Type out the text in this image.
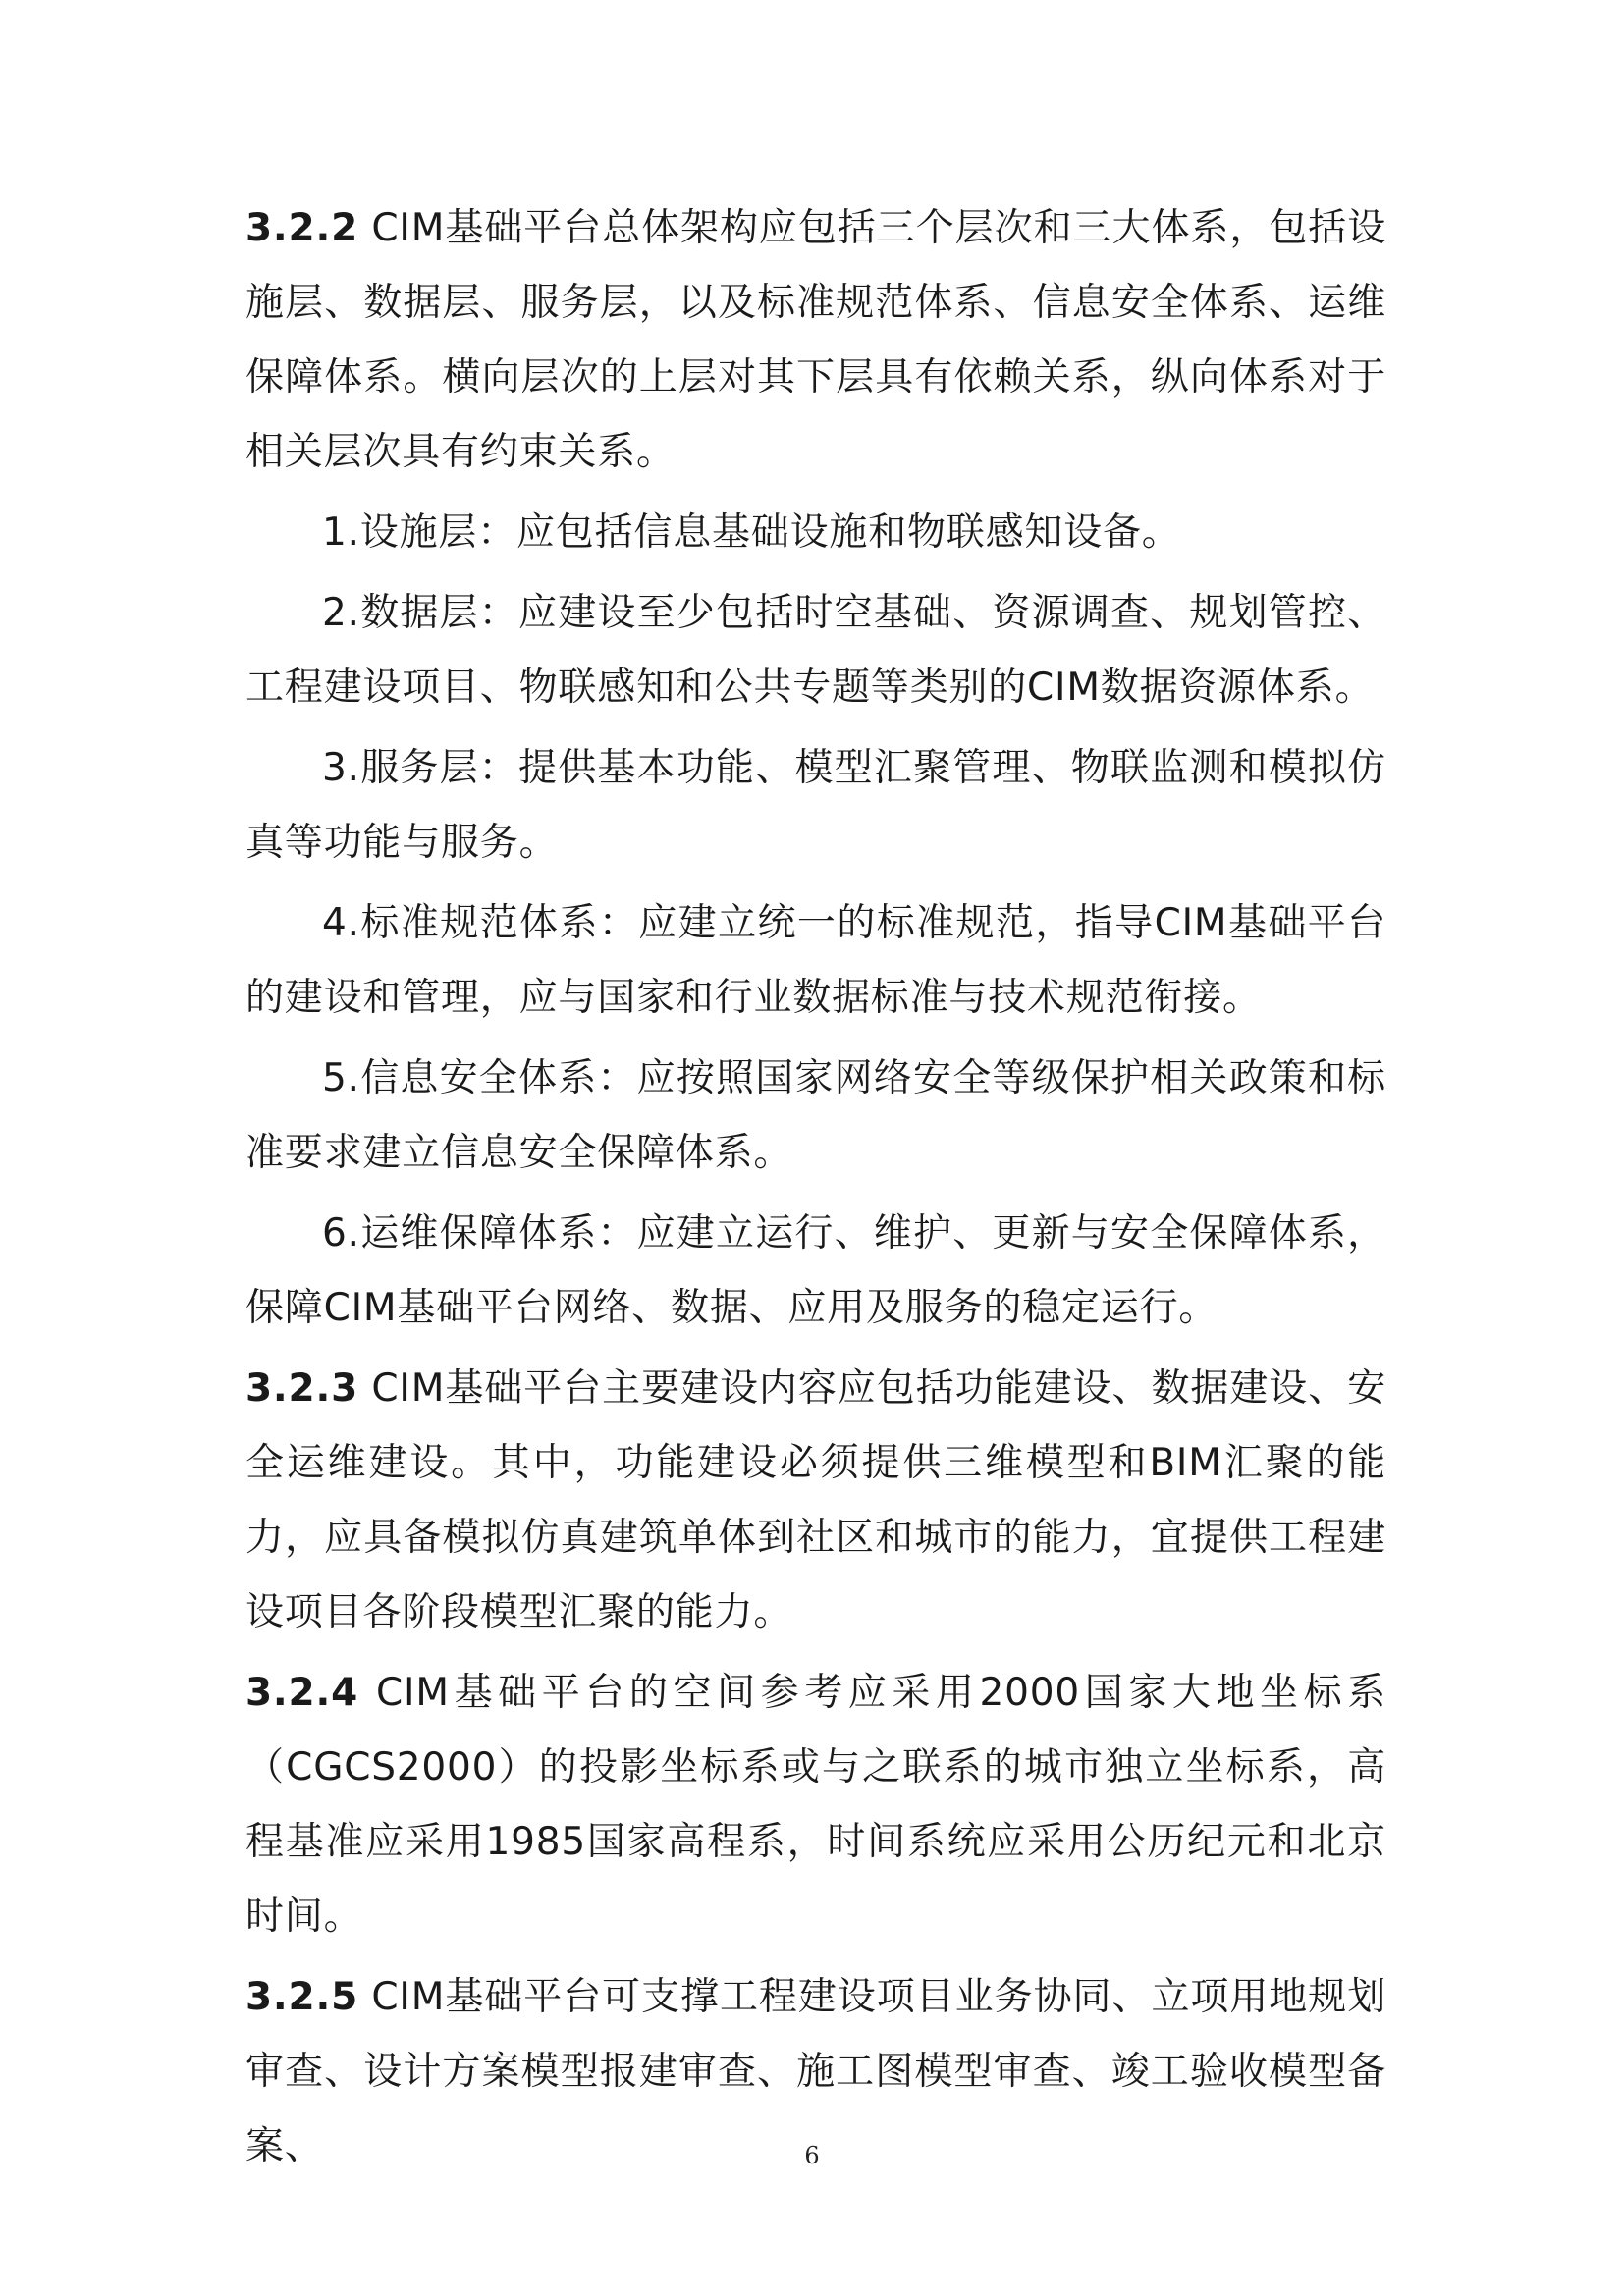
3.2.2 CIM基础平台总体架构应包括三个层次和三大体系，包括设施层、数据层、服务层，以及标准规范体系、信息安全体系、运维保障体系。横向层次的上层对其下层具有依赖关系，纵向体系对于相关层次具有约束关系。

1.设施层：应包括信息基础设施和物联感知设备。

2.数据层：应建设至少包括时空基础、资源调查、规划管控、工程建设项目、物联感知和公共专题等类别的CIM数据资源体系。

3.服务层：提供基本功能、模型汇聚管理、物联监测和模拟仿真等功能与服务。

4.标准规范体系：应建立统一的标准规范，指导CIM基础平台的建设和管理，应与国家和行业数据标准与技术规范衔接。

5.信息安全体系：应按照国家网络安全等级保护相关政策和标准要求建立信息安全保障体系。

6.运维保障体系：应建立运行、维护、更新与安全保障体系，保障CIM基础平台网络、数据、应用及服务的稳定运行。

3.2.3 CIM基础平台主要建设内容应包括功能建设、数据建设、安全运维建设。其中，功能建设必须提供三维模型和BIM汇聚的能力，应具备模拟仿真建筑单体到社区和城市的能力，宜提供工程建设项目各阶段模型汇聚的能力。

3.2.4 CIM基础平台的空间参考应采用2000国家大地坐标系（CGCS2000）的投影坐标系或与之联系的城市独立坐标系，高程基准应采用1985国家高程系，时间系统应采用公历纪元和北京时间。

3.2.5 CIM基础平台可支撑工程建设项目业务协同、立项用地规划审查、设计方案模型报建审查、施工图模型审查、竣工验收模型备案、	6
